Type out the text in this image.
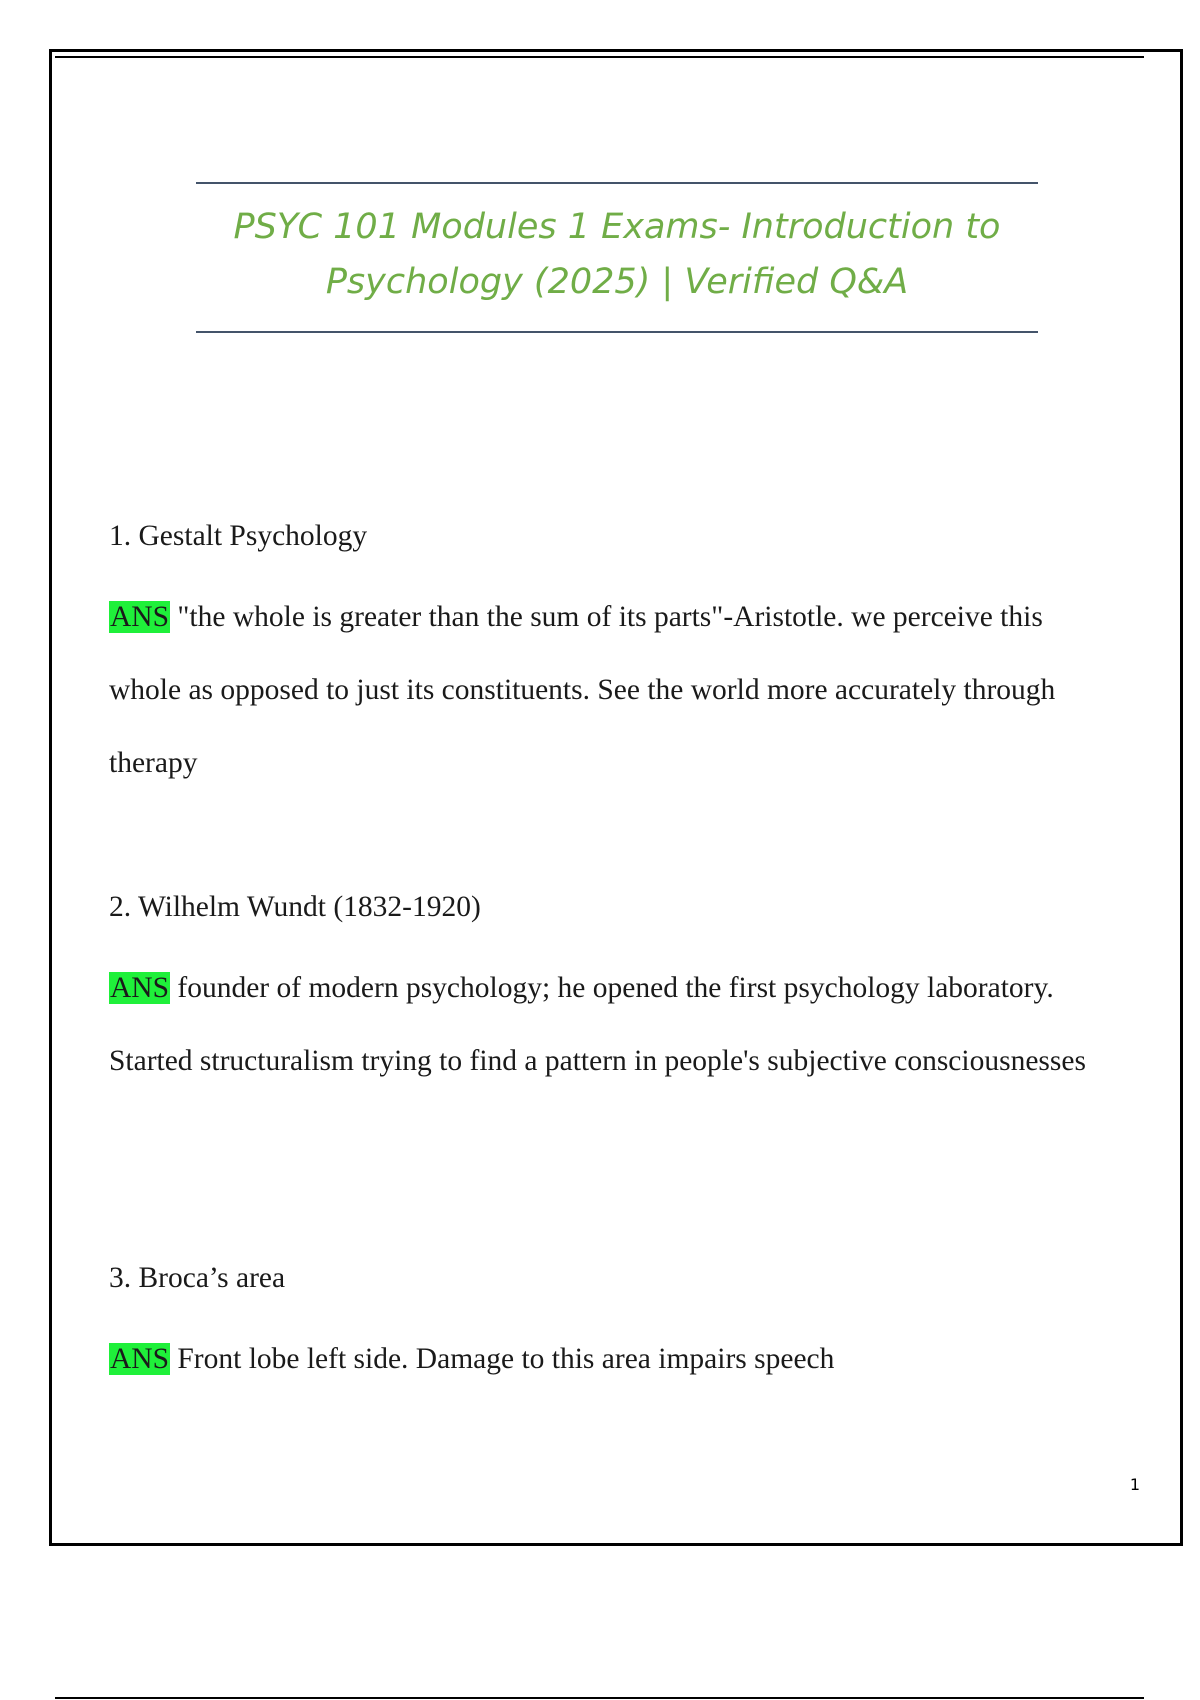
PSYC 101 Modules 1 Exams- Introduction to Psychology (2025) | Verified Q&A

1. Gestalt Psychology

ANS "the whole is greater than the sum of its parts"-Aristotle. we perceive this whole as opposed to just its constituents. See the world more accurately through therapy

2. Wilhelm Wundt (1832-1920)

ANS founder of modern psychology; he opened the first psychology laboratory. Started structuralism trying to find a pattern in people's subjective consciousnesses

3. Broca’s area

ANS Front lobe left side. Damage to this area impairs speech

1
